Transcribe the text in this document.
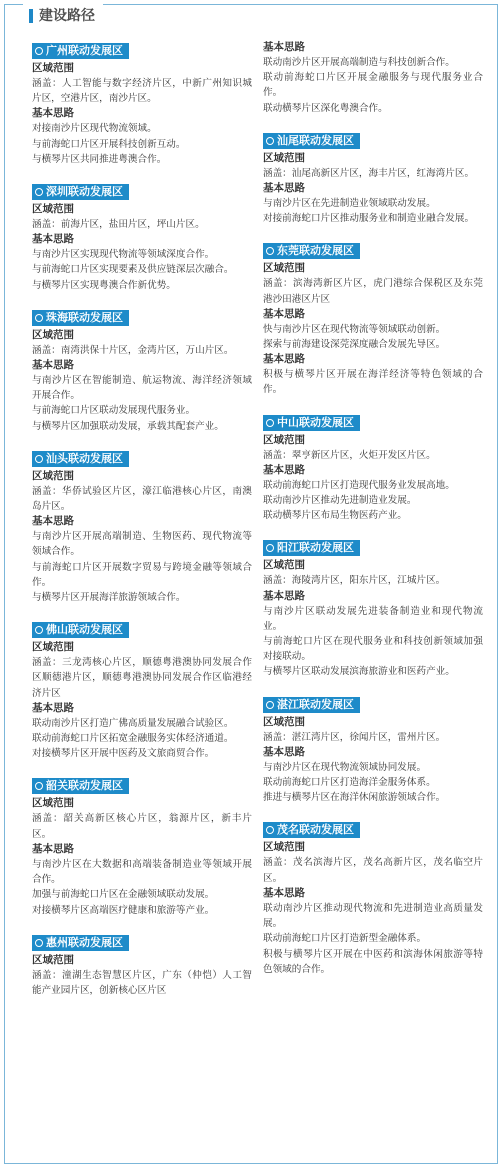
建设路径
广州联动发展区
区域范围
涵盖：人工智能与数字经济片区，中新广州知识城片区，空港片区，南沙片区。
基本思路
对接南沙片区现代物流领域。
与前海蛇口片区开展科技创新互动。
与横琴片区共同推进粤澳合作。
深圳联动发展区
区域范围
涵盖：前海片区，盐田片区，坪山片区。
基本思路
与南沙片区实现现代物流等领域深度合作。
与前海蛇口片区实现要素及供应链深层次融合。
与横琴片区实现粤澳合作新优势。
珠海联动发展区
区域范围
涵盖：南湾洪保十片区，金湾片区，万山片区。
基本思路
与南沙片区在智能制造、航运物流、海洋经济领域开展合作。
与前海蛇口片区联动发展现代服务业。
与横琴片区加强联动发展，承载其配套产业。
汕头联动发展区
区域范围
涵盖：华侨试验区片区，濠江临港核心片区，南澳岛片区。
基本思路
与南沙片区开展高端制造、生物医药、现代物流等领域合作。
与前海蛇口片区开展数字贸易与跨境金融等领域合作。
与横琴片区开展海洋旅游领域合作。
佛山联动发展区
区域范围
涵盖：三龙湾核心片区，顺德粤港澳协同发展合作区顺德港片区，顺德粤港澳协同发展合作区临港经济片区
基本思路
联动南沙片区打造广佛高质量发展融合试验区。
联动前海蛇口片区拓宽金融服务实体经济通道。
对接横琴片区开展中医药及文旅商贸合作。
韶关联动发展区
区域范围
涵盖：韶关高新区核心片区，翁源片区，新丰片区。
基本思路
与南沙片区在大数据和高端装备制造业等领域开展合作。
加强与前海蛇口片区在金融领域联动发展。
对接横琴片区高端医疗健康和旅游等产业。
惠州联动发展区
区域范围
涵盖：潼湖生态智慧区片区，广东（仲恺）人工智能产业园片区，创新核心区片区
基本思路
联动南沙片区开展高端制造与科技创新合作。
联动前海蛇口片区开展金融服务与现代服务业合作。
联动横琴片区深化粤澳合作。
汕尾联动发展区
区域范围
涵盖：汕尾高新区片区，海丰片区，红海湾片区。
基本思路
与南沙片区在先进制造业领域联动发展。
对接前海蛇口片区推动服务业和制造业融合发展。
东莞联动发展区
区域范围
涵盖：滨海湾新区片区，虎门港综合保税区及东莞港沙田港区片区
基本思路
快与南沙片区在现代物流等领域联动创新。
探索与前海建设深莞深度融合发展先导区。
基本思路
积极与横琴片区开展在海洋经济等特色领域的合作。
中山联动发展区
区域范围
涵盖：翠亨新区片区，火炬开发区片区。
基本思路
联动前海蛇口片区打造现代服务业发展高地。
联动南沙片区推动先进制造业发展。
联动横琴片区布局生物医药产业。
阳江联动发展区
区域范围
涵盖：海陵湾片区，阳东片区，江城片区。
基本思路
与南沙片区联动发展先进装备制造业和现代物流业。
与前海蛇口片区在现代服务业和科技创新领域加强对接联动。
与横琴片区联动发展滨海旅游业和医药产业。
湛江联动发展区
区域范围
涵盖：湛江湾片区，徐闻片区，雷州片区。
基本思路
与南沙片区在现代物流领域协同发展。
联动前海蛇口片区打造海洋金服务体系。
推进与横琴片区在海洋休闲旅游领域合作。
茂名联动发展区
区域范围
涵盖：茂名滨海片区，茂名高新片区，茂名临空片区。
基本思路
联动南沙片区推动现代物流和先进制造业高质量发展。
联动前海蛇口片区打造新型金融体系。
积极与横琴片区开展在中医药和滨海休闲旅游等特色领域的合作。
